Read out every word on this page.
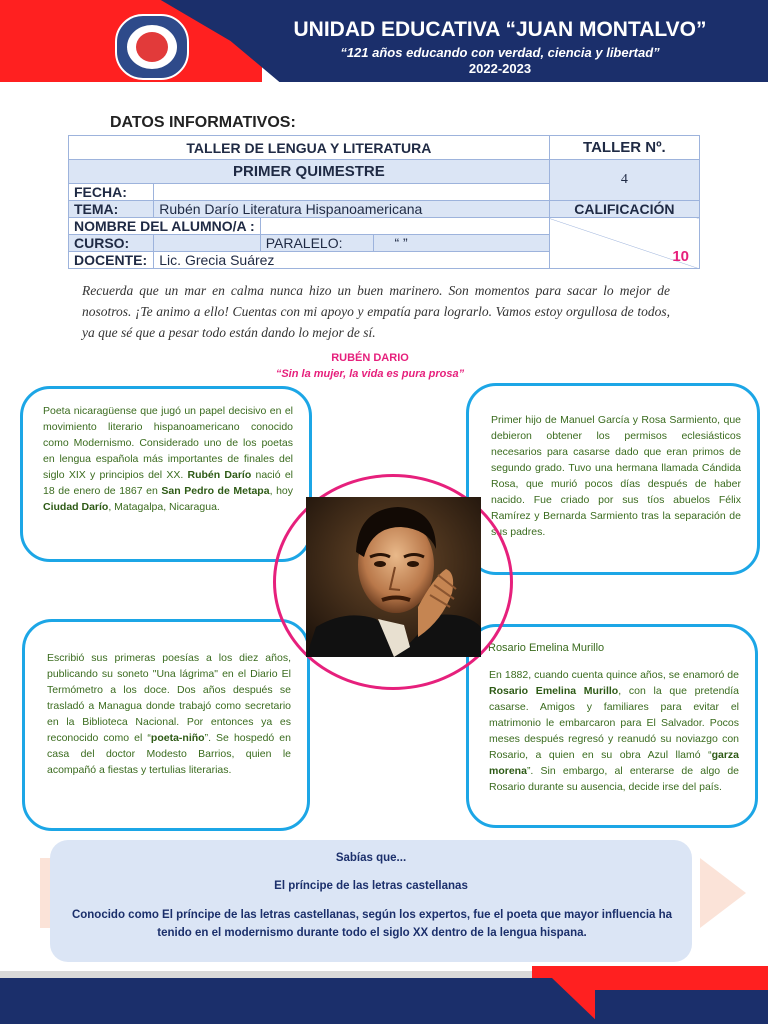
UNIDAD EDUCATIVA “JUAN MONTALVO”
“121 años educando con verdad, ciencia y libertad”
2022-2023
DATOS INFORMATIVOS:
TALLER DE LENGUA Y LITERATURA				TALLER Nº.
PRIMER QUIMESTRE				4
FECHA:				
TEMA:	Rubén Darío Literatura Hispanoamericana			CALIFICACIÓN
NOMBRE DEL ALUMNO/A :				10
CURSO:		PARALELO:	“ ”	
DOCENTE:	Lic. Grecia Suárez			
Recuerda que un mar en calma nunca hizo un buen marinero. Son momentos para sacar lo mejor de nosotros. ¡Te animo a ello! Cuentas con mi apoyo y empatía para lograrlo. Vamos estoy orgullosa de todos, ya que sé que a pesar todo están dando lo mejor de sí.
RUBÉN DARIO
“Sin la mujer, la vida es pura prosa”
Poeta nicaragüense que jugó un papel decisivo en el movimiento literario hispanoamericano conocido como Modernismo. Considerado uno de los poetas en lengua española más importantes de finales del siglo XIX y principios del XX. Rubén Darío nació el 18 de enero de 1867 en San Pedro de Metapa, hoy Ciudad Darío, Matagalpa, Nicaragua.
Primer hijo de Manuel García y Rosa Sarmiento, que debieron obtener los permisos eclesiásticos necesarios para casarse dado que eran primos de segundo grado. Tuvo una hermana llamada Cándida Rosa, que murió pocos días después de haber nacido. Fue criado por sus tíos abuelos Félix Ramírez y Bernarda Sarmiento tras la separación de sus padres.
Escribió sus primeras poesías a los diez años, publicando su soneto "Una lágrima" en el Diario El Termómetro a los doce. Dos años después se trasladó a Managua donde trabajó como secretario en la Biblioteca Nacional. Por entonces ya es reconocido como el “poeta-niño”. Se hospedó en casa del doctor Modesto Barrios, quien le acompañó a fiestas y tertulias literarias.
En 1882, cuando cuenta quince años, se enamoró de Rosario Emelina Murillo, con la que pretendía casarse. Amigos y familiares para evitar el matrimonio le embarcaron para El Salvador. Pocos meses después regresó y reanudó su noviazgo con Rosario, a quien en su obra Azul llamó “garza morena”. Sin embargo, al enterarse de algo de Rosario durante su ausencia, decide irse del país.
Rosario Emelina Murillo
Sabías que...
El príncipe de las letras castellanas
Conocido como El príncipe de las letras castellanas, según los expertos, fue el poeta que mayor influencia ha tenido en el modernismo durante todo el siglo XX dentro de la lengua hispana.
